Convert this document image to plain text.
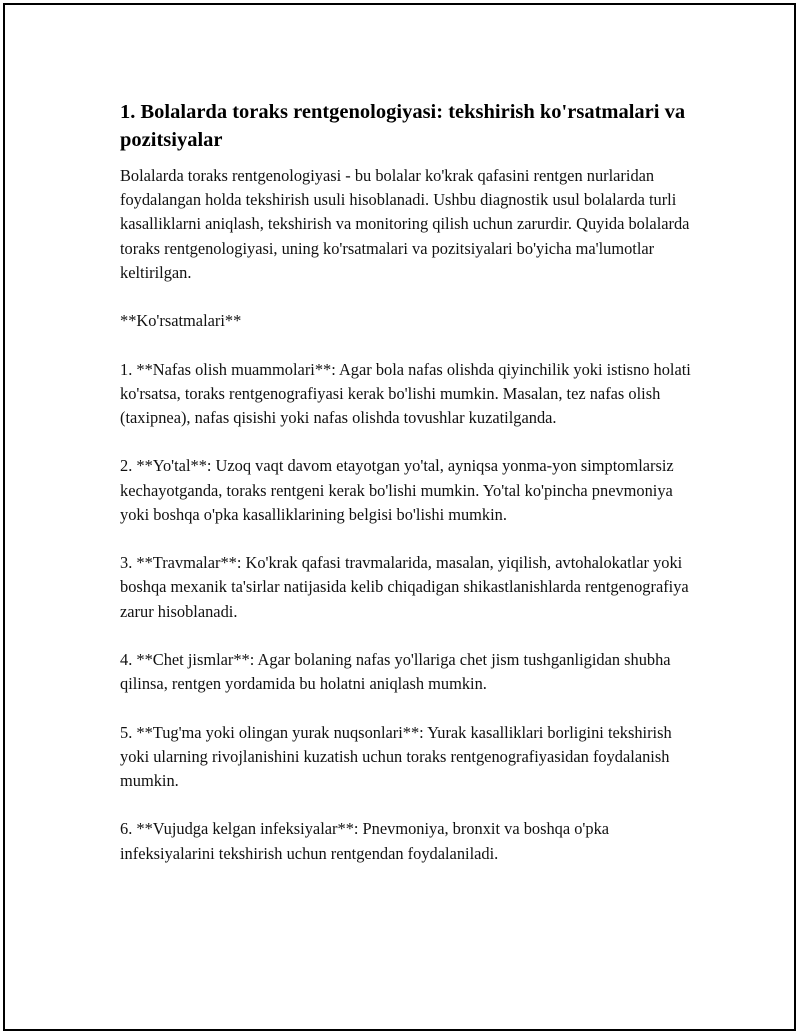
1. Bolalarda toraks rentgenologiyasi: tekshirish ko'rsatmalari va pozitsiyalar

Bolalarda toraks rentgenologiyasi - bu bolalar ko'krak qafasini rentgen nurlaridan foydalangan holda tekshirish usuli hisoblanadi. Ushbu diagnostik usul bolalarda turli kasalliklarni aniqlash, tekshirish va monitoring qilish uchun zarurdir. Quyida bolalarda toraks rentgenologiyasi, uning ko'rsatmalari va pozitsiyalari bo'yicha ma'lumotlar keltirilgan.

**Ko'rsatmalari**

1. **Nafas olish muammolari**: Agar bola nafas olishda qiyinchilik yoki istisno holati ko'rsatsa, toraks rentgenografiyasi kerak bo'lishi mumkin. Masalan, tez nafas olish (taxipnea), nafas qisishi yoki nafas olishda tovushlar kuzatilganda.

2. **Yo'tal**: Uzoq vaqt davom etayotgan yo'tal, ayniqsa yonma-yon simptomlarsiz kechayotganda, toraks rentgeni kerak bo'lishi mumkin. Yo'tal ko'pincha pnevmoniya yoki boshqa o'pka kasalliklarining belgisi bo'lishi mumkin.

3. **Travmalar**: Ko'krak qafasi travmalarida, masalan, yiqilish, avtohalokatlar yoki boshqa mexanik ta'sirlar natijasida kelib chiqadigan shikastlanishlarda rentgenografiya zarur hisoblanadi.

4. **Chet jismlar**: Agar bolaning nafas yo'llariga chet jism tushganligidan shubha qilinsa, rentgen yordamida bu holatni aniqlash mumkin.

5. **Tug'ma yoki olingan yurak nuqsonlari**: Yurak kasalliklari borligini tekshirish yoki ularning rivojlanishini kuzatish uchun toraks rentgenografiyasidan foydalanish mumkin.

6. **Vujudga kelgan infeksiyalar**: Pnevmoniya, bronxit va boshqa o'pka infeksiyalarini tekshirish uchun rentgendan foydalaniladi.
